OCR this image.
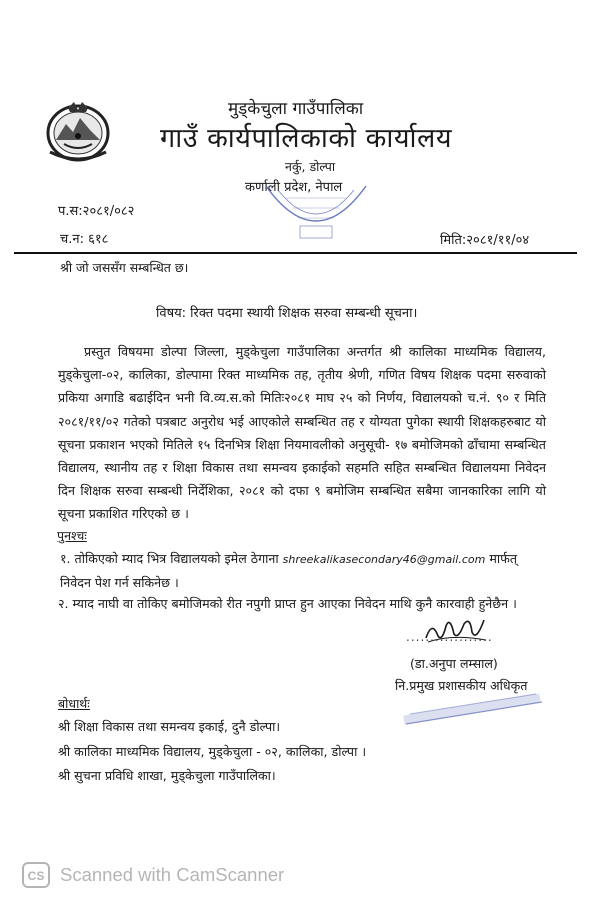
मुड्केचुला गाउँपालिका
गाउँ कार्यपालिकाको कार्यालय
नर्कु, डोल्पा
कर्णाली प्रदेश, नेपाल
प.स:२०८१/०८२
च.न: ६१८	मिति:२०८१/११/०४
श्री जो जससँग सम्बन्धित छ।
विषय: रिक्त पदमा स्थायी शिक्षक सरुवा सम्बन्धी सूचना।

प्रस्तुत विषयमा डोल्पा जिल्ला, मुड्केचुला गाउँपालिका अन्तर्गत श्री कालिका माध्यमिक विद्यालय, मुड्केचुला-०२, कालिका, डोल्पामा रिक्त माध्यमिक तह, तृतीय श्रेणी, गणित विषय शिक्षक पदमा सरुवाको प्रकिया अगाडि बढाईदिन भनी वि.व्य.स.को मितिः२०८१ माघ २५ को निर्णय, विद्यालयको च.नं. ९० र मिति २०८१/११/०२ गतेको पत्रबाट अनुरोध भई आएकोले सम्बन्धित तह र योग्यता पुगेका स्थायी शिक्षकहरुबाट यो सूचना प्रकाशन भएको मितिले १५ दिनभित्र शिक्षा नियमावलीको अनुसूची- १७ बमोजिमको ढाँचामा सम्बन्धित विद्यालय, स्थानीय तह र शिक्षा विकास तथा समन्वय इकाईको सहमति सहित सम्बन्धित विद्यालयमा निवेदन दिन शिक्षक सरुवा सम्बन्धी निर्देशिका, २०८१ को दफा ९ बमोजिम सम्बन्धित सबैमा जानकारिका लागि यो सूचना प्रकाशित गरिएको छ ।

पुनश्चः

१. तोकिएको म्याद भित्र विद्यालयको इमेल ठेगाना shreekalikasecondary46@gmail.com मार्फत् निवेदन पेश गर्न सकिनेछ ।

२. म्याद नाघी वा तोकिए बमोजिमको रीत नपुगी प्राप्त हुन आएका निवेदन माथि कुनै कारवाही हुनेछैन ।

..................
(डा.अनुपा लम्साल)
नि.प्रमुख प्रशासकीय अधिकृत
बोधार्थः
श्री शिक्षा विकास तथा समन्वय इकाई, दुनै डोल्पा।
श्री कालिका माध्यमिक विद्यालय, मुड्केचुला - ०२, कालिका, डोल्पा ।
श्री सुचना प्रविधि शाखा, मुड्केचुला गाउँपालिका।
CS Scanned with CamScanner
